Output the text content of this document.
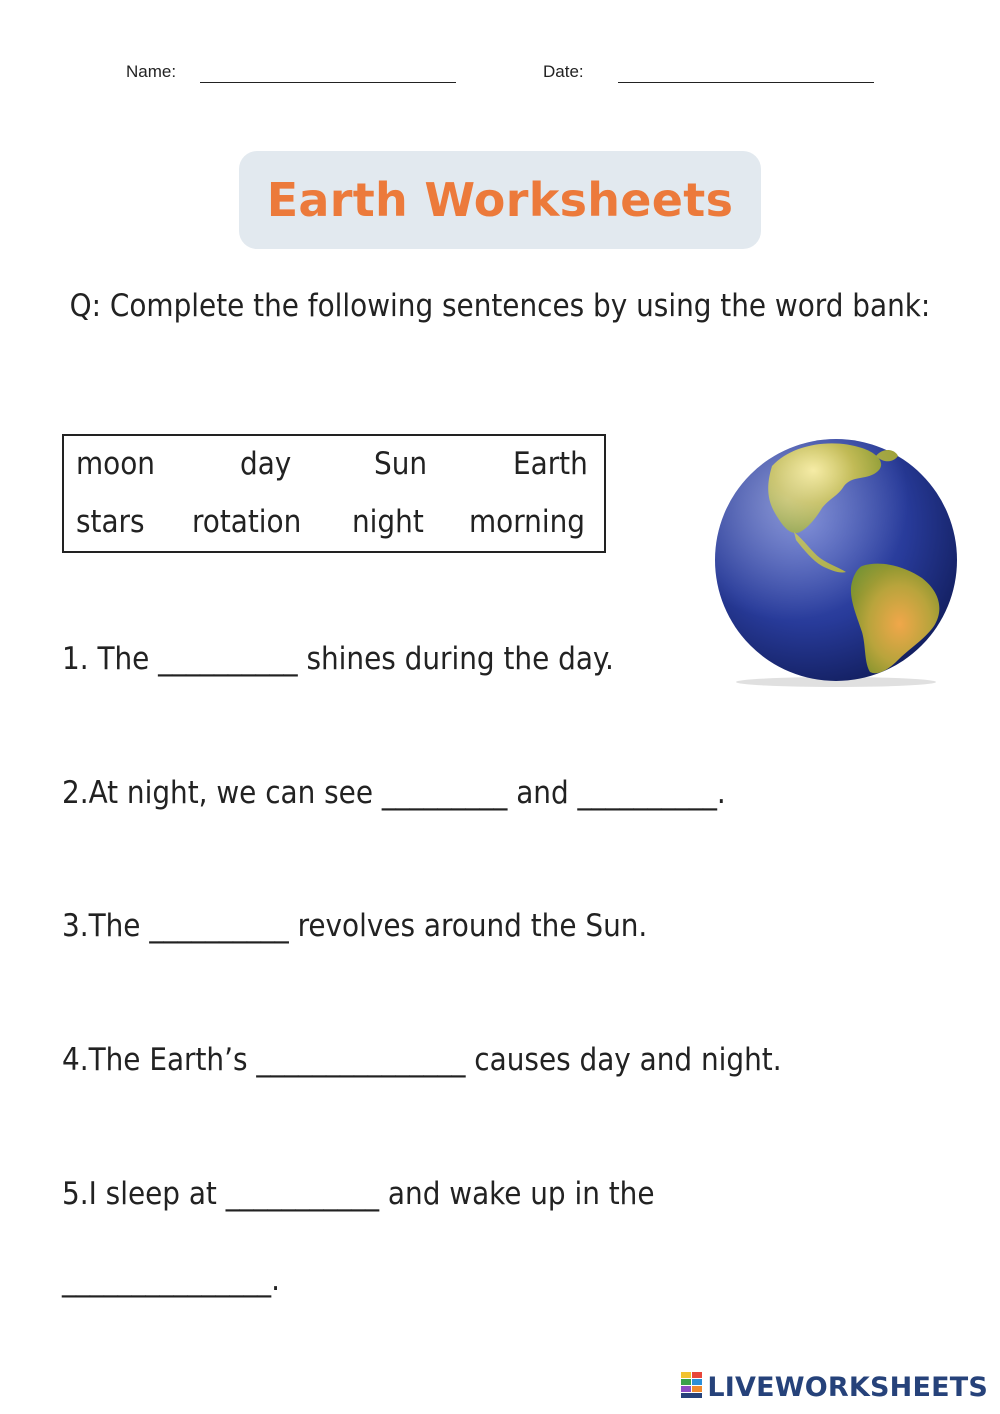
Name:	Date:
Earth Worksheets
Q: Complete the following sentences by using the word bank:
moon	day	Sun	Earth
stars rotation night morning
1. The __________ shines during the day.
2.At night, we can see _________ and __________.
3.The __________ revolves around the Sun.
4.The Earth’s _______________ causes day and night.
5.I sleep at ___________ and wake up in the
_______________.
LIVEWORKSHEETS
